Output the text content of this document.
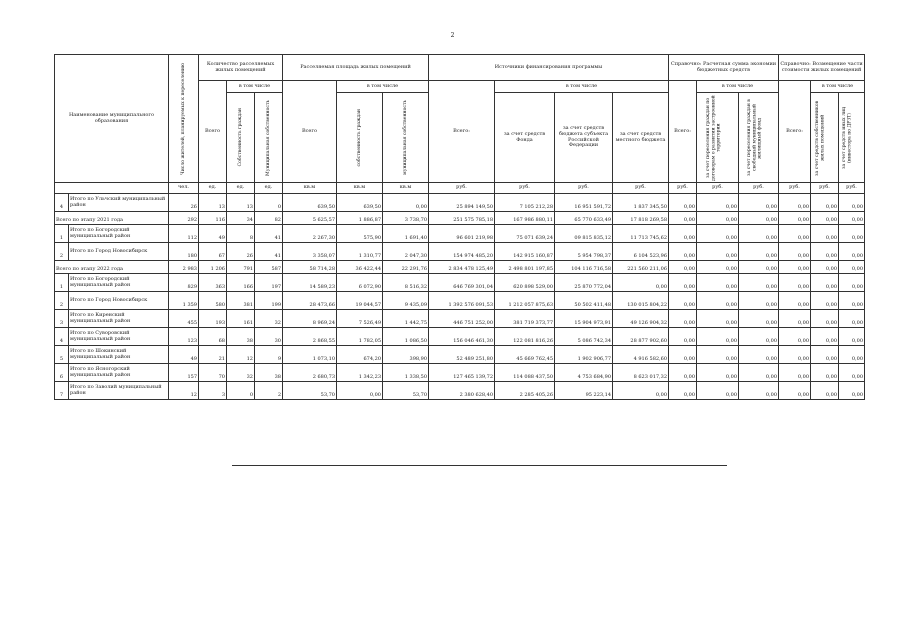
2
Наименование муниципального образования		Число жителей, планируемых к переселению	Количество расселяемых жилых помещений			Расселяемая площадь жилых помещений			Источники финансирования программы				Справочно: Расчетная сумма экономии бюджетных средств			Справочно: Возмещение части стоимости жилых помещений		
			Всего	в том числе		Всего	в том числе		Всего:	в том числе			Всего:	в том числе		Всего:	в том числе	

				Собственность граждан	Муниципальная собственность		собственность граждан	муниципальная собственность		за счет средств Фонда	за счет средств бюджета субъекта Российской Федерации	за счет средств местного бюджета		за счет переселения граждан по договорам о развитии застроенной территории	за счет переселения граждан в свободный муниципальный жилищный фонд		за счет средств собственников жилых помещений	за счет средств иных лиц (инвестора по ДРЗТ)

		чел.	ед.	ед.	ед.	кв.м	кв.м	кв.м	руб.	руб.	руб.	руб.	руб.	руб.	руб.	руб.	руб.	руб.
4	Итого по Ульчский муниципальный район	26	13	13	0	639,50	639,50	0,00	25 894 149,50	7 105 212,28	16 951 591,72	1 837 345,50	0,00	0,00	0,00	0,00	0,00	0,00
Всего по этапу 2021 года		292	116	34	82	5 625,57	1 886,87	3 738,70	251 575 785,18	167 986 880,11	65 770 633,49	17 818 269,58	0,00	0,00	0,00	0,00	0,00	0,00
1	Итого по Богородский муниципальный район	112	49	8	41	2 267,30	575,90	1 691,40	96 601 219,98	75 071 639,24	09 815 835,12	11 713 745,62	0,00	0,00	0,00	0,00	0,00	0,00
2	Итого по Город Новосибирск	180	67	26	41	3 358,07	1 310,77	2 047,30	154 974 485,20	142 915 160,87	5 954 798,37	6 104 523,96	0,00	0,00	0,00	0,00	0,00	0,00
Всего по этапу 2022 года		2 983	1 206	791	587	58 714,28	36 422,44	22 291,76	2 834 478 125,49	2 498 801 197,85	104 116 716,58	221 560 211,06	0,00	0,00	0,00	0,00	0,00	0,00
1	Итого по Богородский муниципальный район	829	363	166	197	14 589,23	6 072,90	8 516,32	646 769 301,04	620 898 529,00	25 870 772,04	0,00	0,00	0,00	0,00	0,00	0,00	0,00
2	Итого по Город Новосибирск	1 359	580	381	199	28 473,66	19 044,57	9 435,09	1 392 576 091,53	1 212 057 875,63	50 502 411,48	130 015 804,22	0,00	0,00	0,00	0,00	0,00	0,00
3	Итого по Киренский муниципальный район	455	193	161	32	8 969,24	7 526,49	1 442,75	446 751 252,00	381 719 373,77	15 904 973,91	49 126 904,32	0,00	0,00	0,00	0,00	0,00	0,00
4	Итого по Суворовский муниципальный район	123	68	38	30	2 868,55	1 782,05	1 086,50	156 046 461,30	122 081 816,26	5 086 742,34	28 877 902,60	0,00	0,00	0,00	0,00	0,00	0,00
5	Итого по Шокинский муниципальный район	49	21	12	9	1 073,10	674,20	398,90	52 489 251,80	45 669 762,45	1 902 906,77	4 916 582,60	0,00	0,00	0,00	0,00	0,00	0,00
6	Итого по Ясногорский муниципальный район	157	70	32	38	2 680,73	1 342,23	1 338,50	127 465 139,72	114 088 437,50	4 753 684,90	8 623 017,32	0,00	0,00	0,00	0,00	0,00	0,00
7	Итого по Заволий муниципальный район	12	3	0	2	53,70	0,00	53,70	2 380 628,40	2 285 405,26	95 223,14	0,00	0,00	0,00	0,00	0,00	0,00	0,00
